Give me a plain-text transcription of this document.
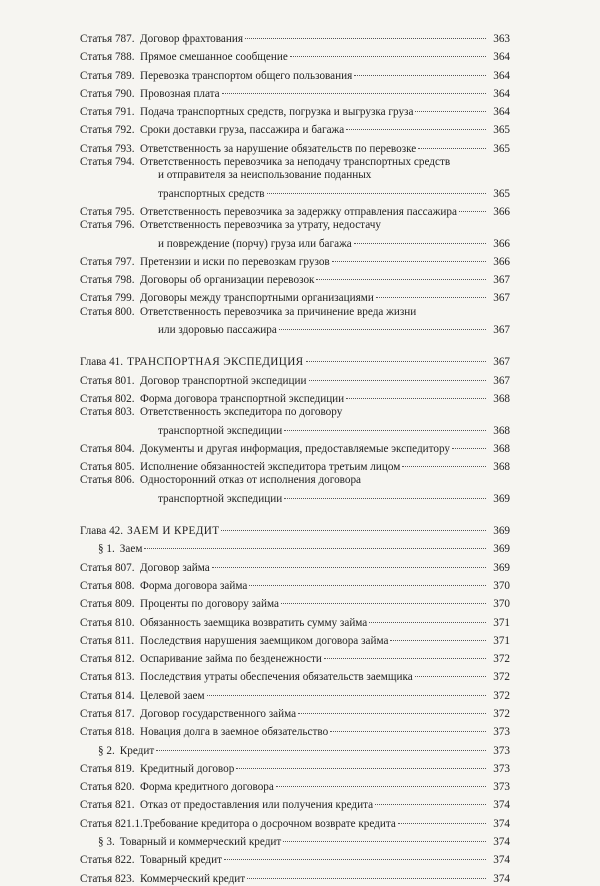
Статья 787. Договор фрахтования	363
Статья 788. Прямое смешанное сообщение	364
Статья 789. Перевозка транспортом общего пользования	364
Статья 790. Провозная плата	364
Статья 791. Подача транспортных средств, погрузка и выгрузка груза	364
Статья 792. Сроки доставки груза, пассажира и багажа	365
Статья 793. Ответственность за нарушение обязательств по перевозке	365
Статья 794. Ответственность перевозчика за неподачу транспортных средств
и отправителя за неиспользование поданных
транспортных средств	365
Статья 795. Ответственность перевозчика за задержку отправления пассажира	366
Статья 796. Ответственность перевозчика за утрату, недостачу
и повреждение (порчу) груза или багажа	366
Статья 797. Претензии и иски по перевозкам грузов	366
Статья 798. Договоры об организации перевозок	367
Статья 799. Договоры между транспортными организациями	367
Статья 800. Ответственность перевозчика за причинение вреда жизни
или здоровью пассажира	367
Глава 41. ТРАНСПОРТНАЯ ЭКСПЕДИЦИЯ	367
Статья 801. Договор транспортной экспедиции	367
Статья 802. Форма договора транспортной экспедиции	368
Статья 803. Ответственность экспедитора по договору
транспортной экспедиции	368
Статья 804. Документы и другая информация, предоставляемые экспедитору	368
Статья 805. Исполнение обязанностей экспедитора третьим лицом	368
Статья 806. Односторонний отказ от исполнения договора
транспортной экспедиции	369
Глава 42. ЗАЕМ И КРЕДИТ	369
§ 1. Заем	369
Статья 807. Договор займа	369
Статья 808. Форма договора займа	370
Статья 809. Проценты по договору займа	370
Статья 810. Обязанность заемщика возвратить сумму займа	371
Статья 811. Последствия нарушения заемщиком договора займа	371
Статья 812. Оспаривание займа по безденежности	372
Статья 813. Последствия утраты обеспечения обязательств заемщика	372
Статья 814. Целевой заем	372
Статья 817. Договор государственного займа	372
Статья 818. Новация долга в заемное обязательство	373
§ 2. Кредит	373
Статья 819. Кредитный договор	373
Статья 820. Форма кредитного договора	373
Статья 821. Отказ от предоставления или получения кредита	374
Статья 821.1. Требование кредитора о досрочном возврате кредита	374
§ 3. Товарный и коммерческий кредит	374
Статья 822. Товарный кредит	374
Статья 823. Коммерческий кредит	374
